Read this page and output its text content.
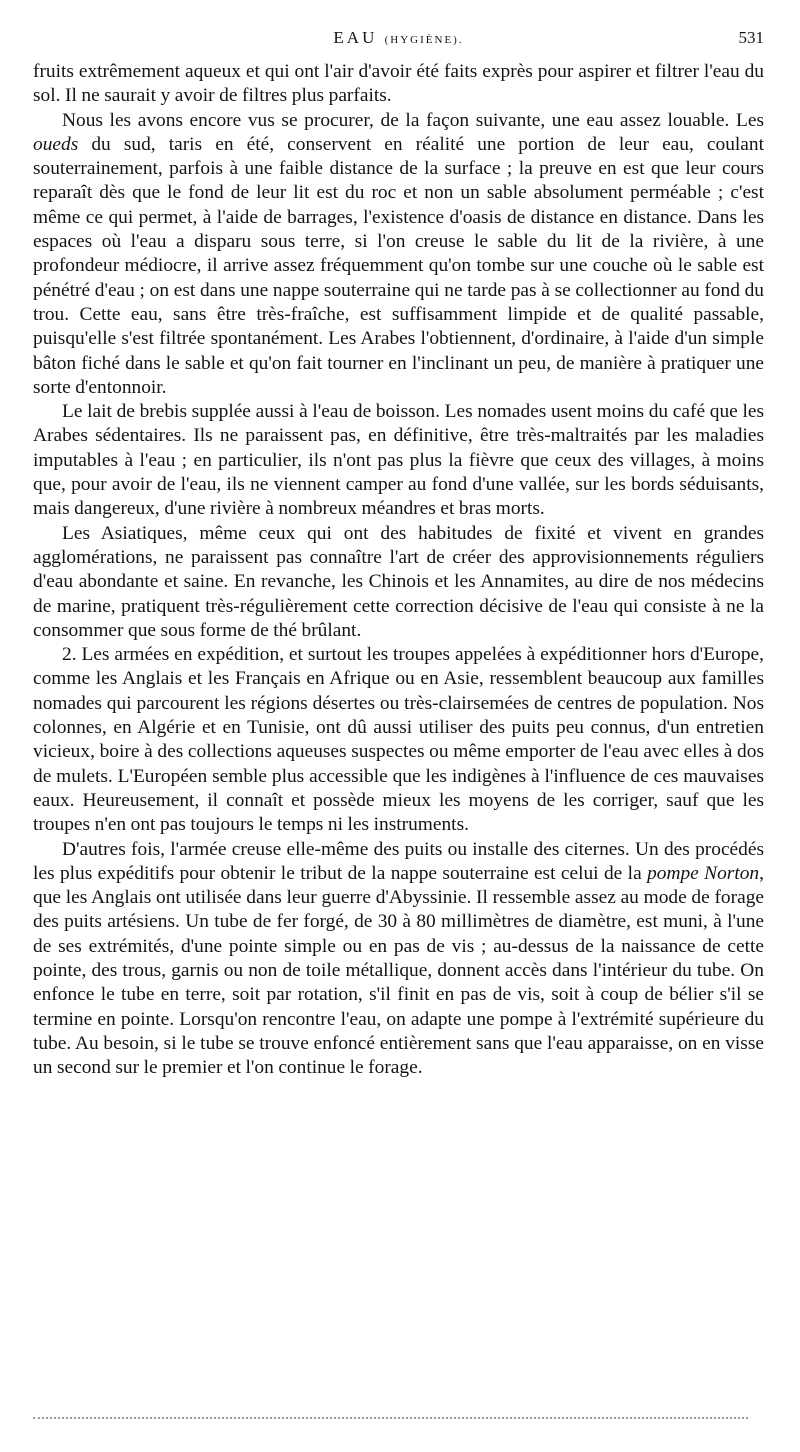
EAU (HYGIÈNE).	531

fruits extrêmement aqueux et qui ont l'air d'avoir été faits exprès pour aspirer et filtrer l'eau du sol. Il ne saurait y avoir de filtres plus parfaits.

Nous les avons encore vus se procurer, de la façon suivante, une eau assez louable. Les oueds du sud, taris en été, conservent en réalité une portion de leur eau, coulant souterrainement, parfois à une faible distance de la surface ; la preuve en est que leur cours reparaît dès que le fond de leur lit est du roc et non un sable absolument perméable ; c'est même ce qui permet, à l'aide de barrages, l'existence d'oasis de distance en distance. Dans les espaces où l'eau a disparu sous terre, si l'on creuse le sable du lit de la rivière, à une profondeur médiocre, il arrive assez fréquemment qu'on tombe sur une couche où le sable est pénétré d'eau ; on est dans une nappe souterraine qui ne tarde pas à se collectionner au fond du trou. Cette eau, sans être très-fraîche, est suffisamment limpide et de qualité passable, puisqu'elle s'est filtrée spontanément. Les Arabes l'obtiennent, d'ordinaire, à l'aide d'un simple bâton fiché dans le sable et qu'on fait tourner en l'inclinant un peu, de manière à pratiquer une sorte d'entonnoir.

Le lait de brebis supplée aussi à l'eau de boisson. Les nomades usent moins du café que les Arabes sédentaires. Ils ne paraissent pas, en définitive, être très-maltraités par les maladies imputables à l'eau ; en particulier, ils n'ont pas plus la fièvre que ceux des villages, à moins que, pour avoir de l'eau, ils ne viennent camper au fond d'une vallée, sur les bords séduisants, mais dangereux, d'une rivière à nombreux méandres et bras morts.

Les Asiatiques, même ceux qui ont des habitudes de fixité et vivent en grandes agglomérations, ne paraissent pas connaître l'art de créer des approvisionnements réguliers d'eau abondante et saine. En revanche, les Chinois et les Annamites, au dire de nos médecins de marine, pratiquent très-régulièrement cette correction décisive de l'eau qui consiste à ne la consommer que sous forme de thé brûlant.

2. Les armées en expédition, et surtout les troupes appelées à expéditionner hors d'Europe, comme les Anglais et les Français en Afrique ou en Asie, ressemblent beaucoup aux familles nomades qui parcourent les régions désertes ou très-clairsemées de centres de population. Nos colonnes, en Algérie et en Tunisie, ont dû aussi utiliser des puits peu connus, d'un entretien vicieux, boire à des collections aqueuses suspectes ou même emporter de l'eau avec elles à dos de mulets. L'Européen semble plus accessible que les indigènes à l'influence de ces mauvaises eaux. Heureusement, il connaît et possède mieux les moyens de les corriger, sauf que les troupes n'en ont pas toujours le temps ni les instruments.

D'autres fois, l'armée creuse elle-même des puits ou installe des citernes. Un des procédés les plus expéditifs pour obtenir le tribut de la nappe souterraine est celui de la pompe Norton, que les Anglais ont utilisée dans leur guerre d'Abyssinie. Il ressemble assez au mode de forage des puits artésiens. Un tube de fer forgé, de 30 à 80 millimètres de diamètre, est muni, à l'une de ses extrémités, d'une pointe simple ou en pas de vis ; au-dessus de la naissance de cette pointe, des trous, garnis ou non de toile métallique, donnent accès dans l'intérieur du tube. On enfonce le tube en terre, soit par rotation, s'il finit en pas de vis, soit à coup de bélier s'il se termine en pointe. Lorsqu'on rencontre l'eau, on adapte une pompe à l'extrémité supérieure du tube. Au besoin, si le tube se trouve enfoncé entièrement sans que l'eau apparaisse, on en visse un second sur le premier et l'on continue le forage.
